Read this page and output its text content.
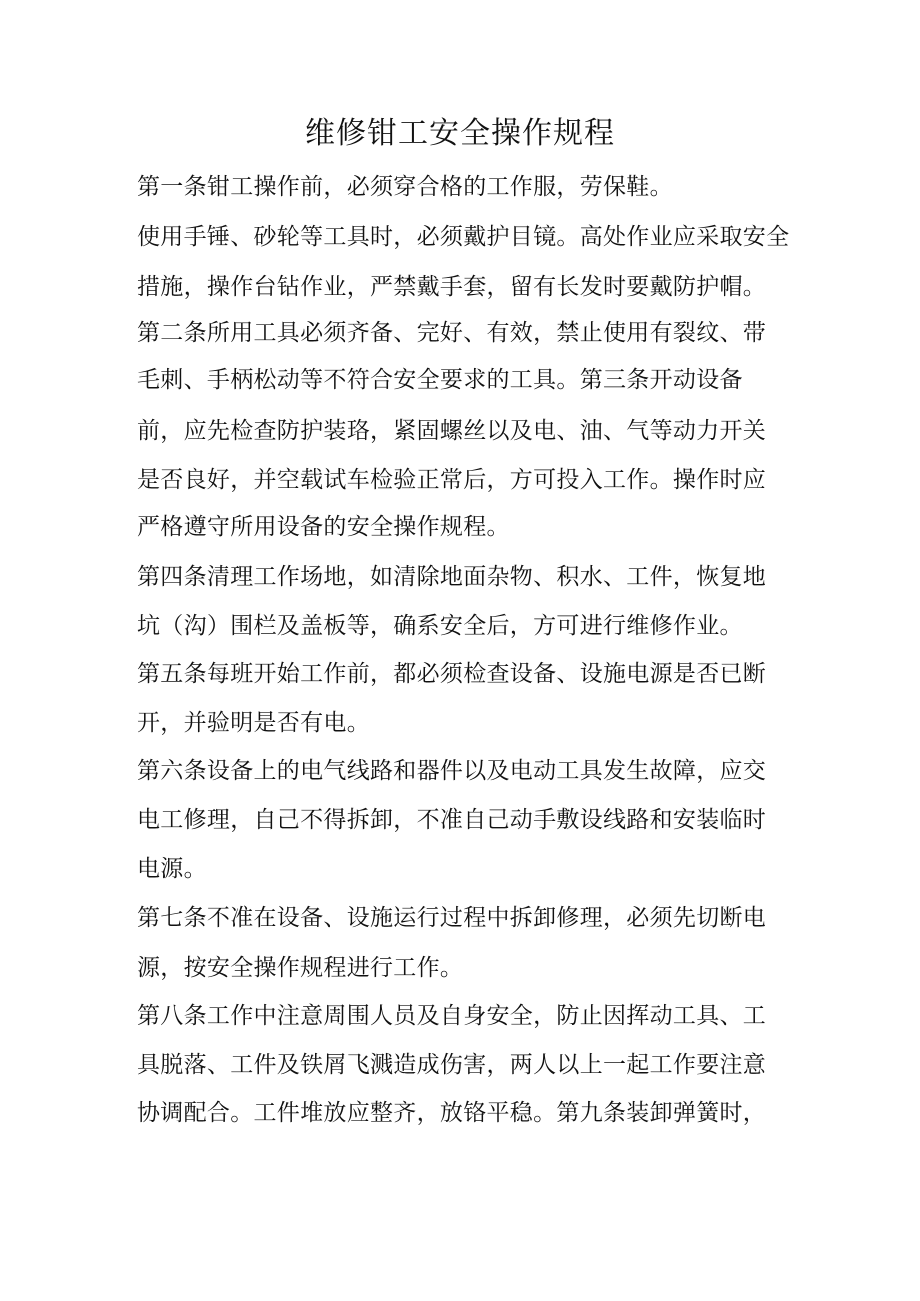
维修钳工安全操作规程
第一条钳工操作前，必须穿合格的工作服，劳保鞋。
使用手锤、砂轮等工具时，必须戴护目镜。高处作业应采取安全
措施，操作台钻作业，严禁戴手套，留有长发时要戴防护帽。
第二条所用工具必须齐备、完好、有效，禁止使用有裂纹、带
毛刺、手柄松动等不符合安全要求的工具。第三条开动设备
前，应先检查防护装珞，紧固螺丝以及电、油、气等动力开关
是否良好，并空载试车检验正常后，方可投入工作。操作时应
严格遵守所用设备的安全操作规程。
第四条清理工作场地，如清除地面杂物、积水、工件，恢复地
坑（沟）围栏及盖板等，确系安全后，方可进行维修作业。
第五条每班开始工作前，都必须检查设备、设施电源是否已断
开，并验明是否有电。
第六条设备上的电气线路和器件以及电动工具发生故障，应交
电工修理，自己不得拆卸，不准自己动手敷设线路和安装临时
电源。
第七条不准在设备、设施运行过程中拆卸修理，必须先切断电
源，按安全操作规程进行工作。
第八条工作中注意周围人员及自身安全，防止因挥动工具、工
具脱落、工件及铁屑飞溅造成伤害，两人以上一起工作要注意
协调配合。工件堆放应整齐，放铬平稳。第九条装卸弹簧时，
